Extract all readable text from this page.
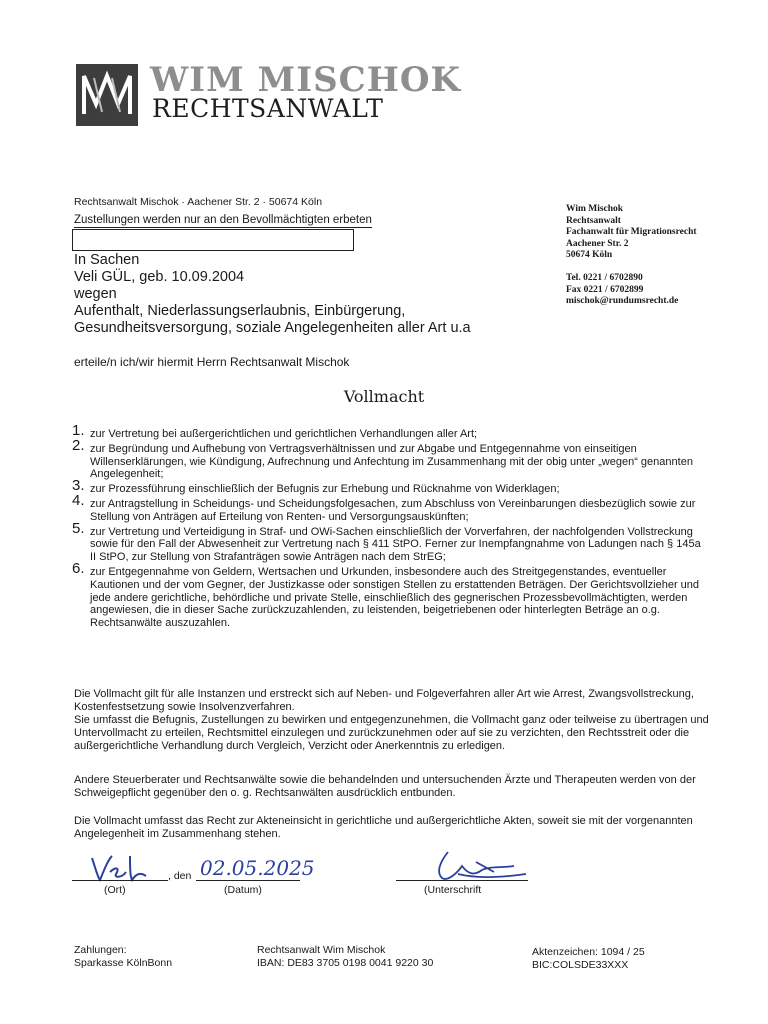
WIM MISCHOK
RECHTSANWALT
Rechtsanwalt Mischok · Aachener Str. 2 · 50674 Köln
Zustellungen werden nur an den Bevollmächtigten erbeten
Wim Mischok
Rechtsanwalt
Fachanwalt für Migrationsrecht
Aachener Str. 2
50674 Köln
Tel. 0221 / 6702890
Fax 0221 / 6702899
mischok@rundumsrecht.de
In Sachen
Veli GÜL, geb. 10.09.2004
wegen
Aufenthalt, Niederlassungserlaubnis, Einbürgerung,
Gesundheitsversorgung, soziale Angelegenheiten aller Art u.a
erteile/n ich/wir hiermit Herrn Rechtsanwalt Mischok
Vollmacht
1. zur Vertretung bei außergerichtlichen und gerichtlichen Verhandlungen aller Art;
2. zur Begründung und Aufhebung von Vertragsverhältnissen und zur Abgabe und Entgegennahme von einseitigen Willenserklärungen, wie Kündigung, Aufrechnung und Anfechtung im Zusammenhang mit der obig unter „wegen“ genannten Angelegenheit;
3. zur Prozessführung einschließlich der Befugnis zur Erhebung und Rücknahme von Widerklagen;
4. zur Antragstellung in Scheidungs- und Scheidungsfolgesachen, zum Abschluss von Vereinbarungen diesbezüglich sowie zur Stellung von Anträgen auf Erteilung von Renten- und Versorgungsauskünften;
5. zur Vertretung und Verteidigung in Straf- und OWi-Sachen einschließlich der Vorverfahren, der nachfolgenden Vollstreckung sowie für den Fall der Abwesenheit zur Vertretung nach § 411 StPO. Ferner zur Inempfangnahme von Ladungen nach § 145a II StPO, zur Stellung von Strafanträgen sowie Anträgen nach dem StrEG;
6. zur Entgegennahme von Geldern, Wertsachen und Urkunden, insbesondere auch des Streitgegenstandes, eventueller Kautionen und der vom Gegner, der Justizkasse oder sonstigen Stellen zu erstattenden Beträgen. Der Gerichtsvollzieher und jede andere gerichtliche, behördliche und private Stelle, einschließlich des gegnerischen Prozessbevollmächtigten, werden angewiesen, die in dieser Sache zurückzuzahlenden, zu leistenden, beigetriebenen oder hinterlegten Beträge an o.g. Rechtsanwälte auszuzahlen.
Die Vollmacht gilt für alle Instanzen und erstreckt sich auf Neben- und Folgeverfahren aller Art wie Arrest, Zwangsvollstreckung, Kostenfestsetzung sowie Insolvenzverfahren.
Sie umfasst die Befugnis, Zustellungen zu bewirken und entgegenzunehmen, die Vollmacht ganz oder teilweise zu übertragen und Untervollmacht zu erteilen, Rechtsmittel einzulegen und zurückzunehmen oder auf sie zu verzichten, den Rechtsstreit oder die außergerichtliche Verhandlung durch Vergleich, Verzicht oder Anerkenntnis zu erledigen.
Andere Steuerberater und Rechtsanwälte sowie die behandelnden und untersuchenden Ärzte und Therapeuten werden von der Schweigepflicht gegenüber den o. g. Rechtsanwälten ausdrücklich entbunden.
Die Vollmacht umfasst das Recht zur Akteneinsicht in gerichtliche und außergerichtliche Akten, soweit sie mit der vorgenannten Angelegenheit im Zusammenhang stehen.
(Ort)
, den 02.05.2025
(Datum)	(Unterschrift
Zahlungen:
Sparkasse KölnBonn
Rechtsanwalt Wim Mischok
IBAN: DE83 3705 0198 0041 9220 30
Aktenzeichen: 1094 / 25
BIC:COLSDE33XXX
